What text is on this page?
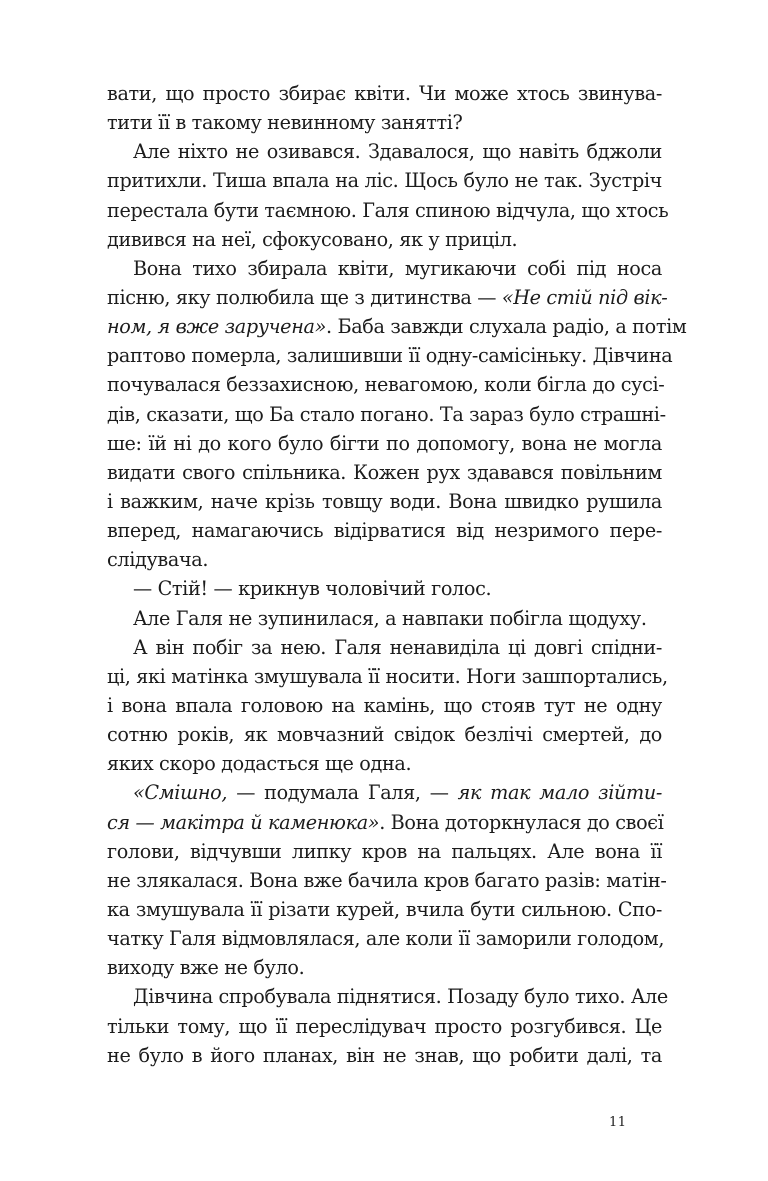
вати, що просто збирає квіти. Чи може хтось звинува-
тити її в такому невинному занятті?
Але ніхто не озивався. Здавалося, що навіть бджоли
притихли. Тиша впала на ліс. Щось було не так. Зустріч
перестала бути таємною. Галя спиною відчула, що хтось
дивився на неї, сфокусовано, як у приціл.
Вона тихо збирала квіти, мугикаючи собі під носа
пісню, яку полюбила ще з дитинства — «Не стій під вік-
ном, я вже заручена». Баба завжди слухала радіо, а потім
раптово померла, залишивши її одну-самісіньку. Дівчина
почувалася беззахисною, невагомою, коли бігла до сусі-
дів, сказати, що Ба стало погано. Та зараз було страшні-
ше: їй ні до кого було бігти по допомогу, вона не могла
видати свого спільника. Кожен рух здавався повільним
і важким, наче крізь товщу води. Вона швидко рушила
вперед, намагаючись відірватися від незримого пере-
слідувача.
— Стій! — крикнув чоловічий голос.
Але Галя не зупинилася, а навпаки побігла щодуху.
А він побіг за нею. Галя ненавиділа ці довгі спідни-
ці, які матінка змушувала її носити. Ноги зашпортались,
і вона впала головою на камінь, що стояв тут не одну
сотню років, як мовчазний свідок безлічі смертей, до
яких скоро додасться ще одна.
«Смішно, — подумала Галя, — як так мало зійти-
ся — макітра й каменюка». Вона доторкнулася до своєї
голови, відчувши липку кров на пальцях. Але вона її
не злякалася. Вона вже бачила кров багато разів: матін-
ка змушувала її різати курей, вчила бути сильною. Спо-
чатку Галя відмовлялася, але коли її заморили голодом,
виходу вже не було.
Дівчина спробувала піднятися. Позаду було тихо. Але
тільки тому, що її переслідувач просто розгубився. Це
не було в його планах, він не знав, що робити далі, та
11
